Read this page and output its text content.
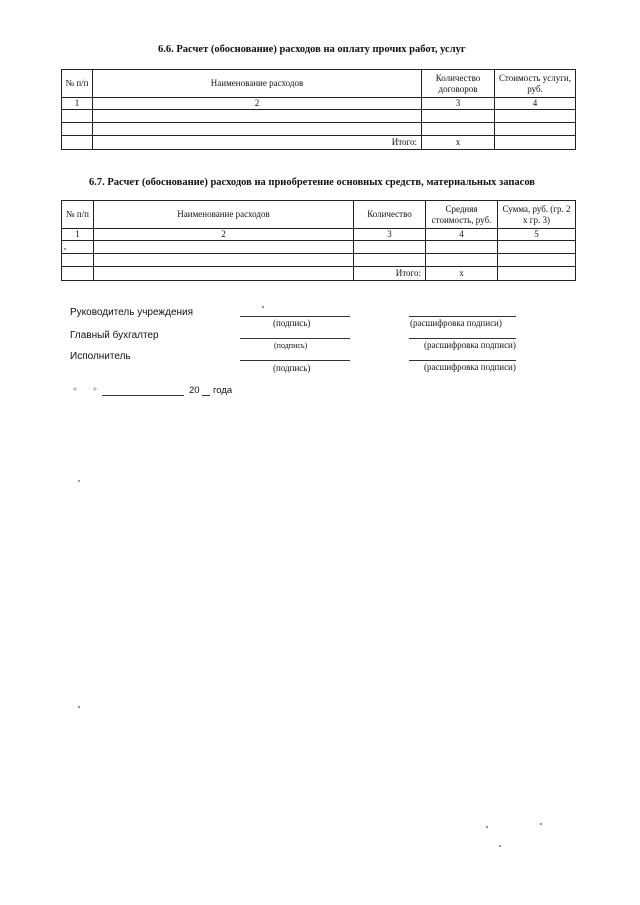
6.6. Расчет (обоснование) расходов на оплату прочих работ, услуг
№ п/п	Наименование расходов	Количество договоров	Стоимость услуги, руб.
1	2	3	4

	Итого:	x	
6.7. Расчет (обоснование) расходов на приобретение основных средств, материальных запасов
№ п/п	Наименование расходов	Количество	Средняя стоимость, руб.	Сумма, руб. (гр. 2 х гр. 3)
1	2	3	4	5

		Итого:	x	
Руководитель учреждения
(подпись)	(расшифровка подписи)
Главный бухгалтер
(подпись)	(расшифровка подписи)
Исполнитель
(подпись)	(расшифровка подписи)
« »	20 года
